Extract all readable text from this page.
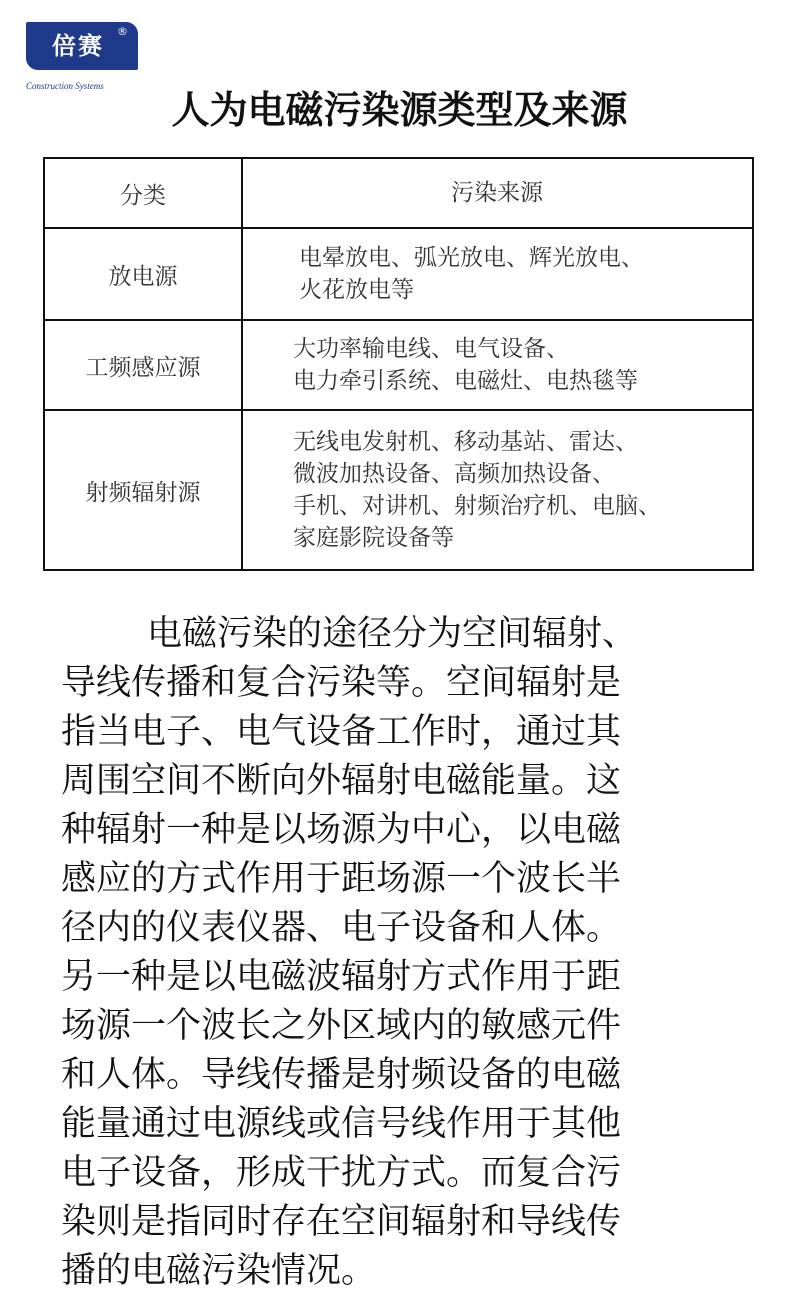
倍赛	®
Construction Systems
人为电磁污染源类型及来源
分类	污染来源
放电源	电晕放电、弧光放电、辉光放电、
火花放电等

工频感应源	大功率输电线、电气设备、
电力牵引系统、电磁灶、电热毯等

射频辐射源	无线电发射机、移动基站、雷达、
微波加热设备、高频加热设备、
手机、对讲机、射频治疗机、电脑、
家庭影院设备等
电磁污染的途径分为空间辐射、
导线传播和复合污染等。空间辐射是
指当电子、电气设备工作时，通过其
周围空间不断向外辐射电磁能量。这
种辐射一种是以场源为中心，以电磁
感应的方式作用于距场源一个波长半
径内的仪表仪器、电子设备和人体。
另一种是以电磁波辐射方式作用于距
场源一个波长之外区域内的敏感元件
和人体。导线传播是射频设备的电磁
能量通过电源线或信号线作用于其他
电子设备，形成干扰方式。而复合污
染则是指同时存在空间辐射和导线传
播的电磁污染情况。
